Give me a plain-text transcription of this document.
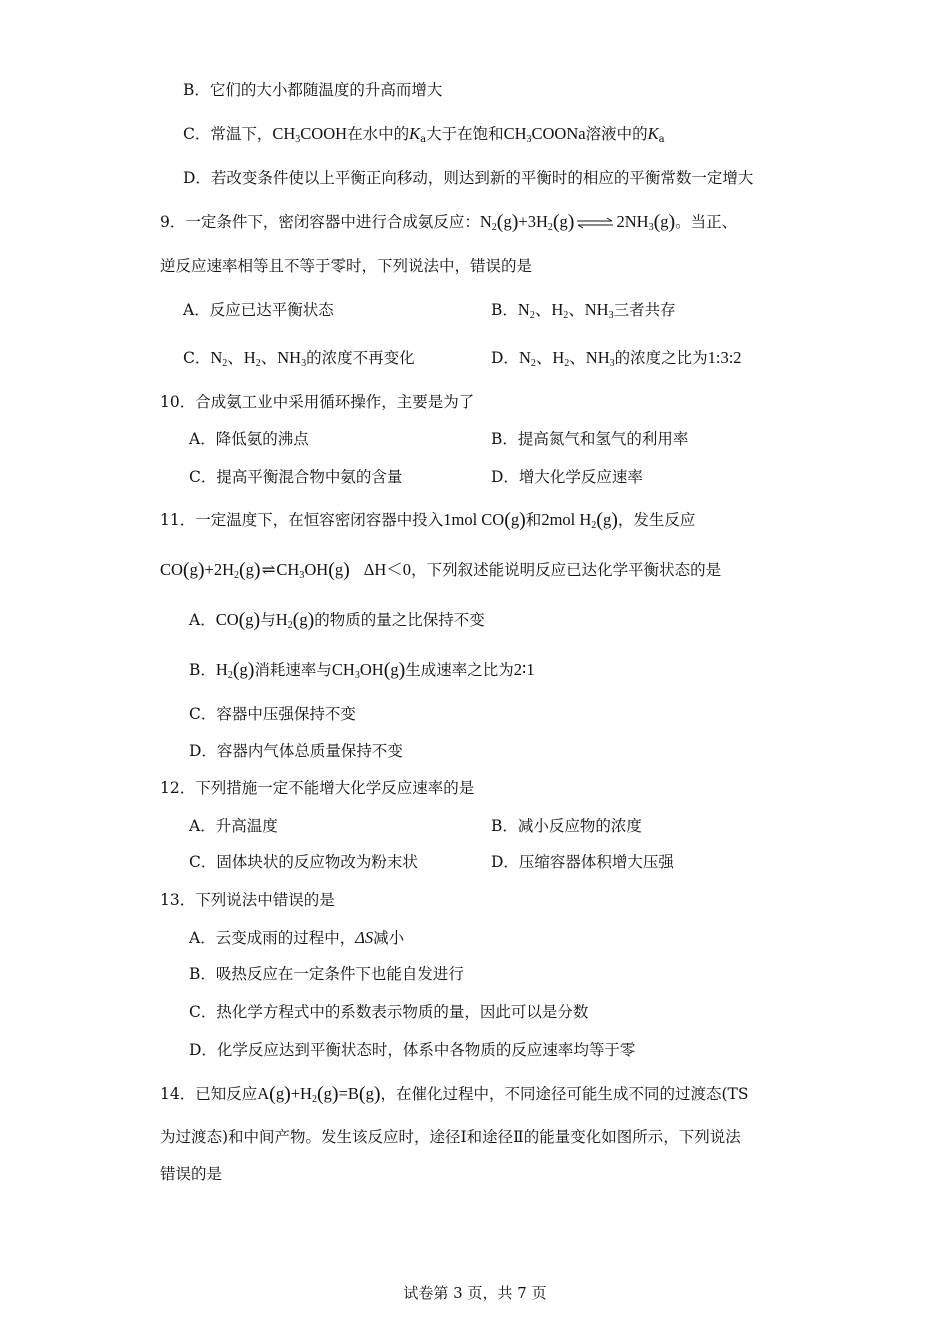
B．它们的大小都随温度的升高而增大
C．常温下，$CH_3COOH$在水中的$K_a$大于在饱和$CH_3COONa$溶液中的$K_a$
D．若改变条件使以上平衡正向移动，则达到新的平衡时的相应的平衡常数一定增大
9．一定条件下，密闭容器中进行合成氨反应：$N_2(g)+3H_2(g)$ ⇌ $2NH_3(g)$。当正、
逆反应速率相等且不等于零时，下列说法中，错误的是
A．反应已达平衡状态	B．$N_2$、$H_2$、$NH_3$三者共存
C．$N_2$、$H_2$、$NH_3$的浓度不再变化	D．$N_2$、$H_2$、$NH_3$的浓度之比为1:3:2
10．合成氨工业中采用循环操作，主要是为了
A．降低氨的沸点	B．提高氮气和氢气的利用率
C．提高平衡混合物中氨的含量	D．增大化学反应速率
11．一定温度下，在恒容密闭容器中投入1mol CO(g)和2mol $H_2(g)$，发生反应
$CO(g)+2H_2(g)\rightleftharpoons CH_3OH(g)$ ΔH＜0，下列叙述能说明反应已达化学平衡状态的是
A．CO(g)与$H_2(g)$的物质的量之比保持不变
B．$H_2(g)$消耗速率与$CH_3OH(g)$生成速率之比为2∶1
C．容器中压强保持不变
D．容器内气体总质量保持不变
12．下列措施一定不能增大化学反应速率的是
A．升高温度	B．减小反应物的浓度
C．固体块状的反应物改为粉末状	D．压缩容器体积增大压强
13．下列说法中错误的是
A．云变成雨的过程中，ΔS减小
B．吸热反应在一定条件下也能自发进行
C．热化学方程式中的系数表示物质的量，因此可以是分数
D．化学反应达到平衡状态时，体系中各物质的反应速率均等于零
14．已知反应$A(g)+H_2(g)=B(g)$，在催化过程中，不同途径可能生成不同的过渡态(TS
为过渡态)和中间产物。发生该反应时，途径Ⅰ和途径Ⅱ的能量变化如图所示，下列说法
错误的是
试卷第 3 页，共 7 页
